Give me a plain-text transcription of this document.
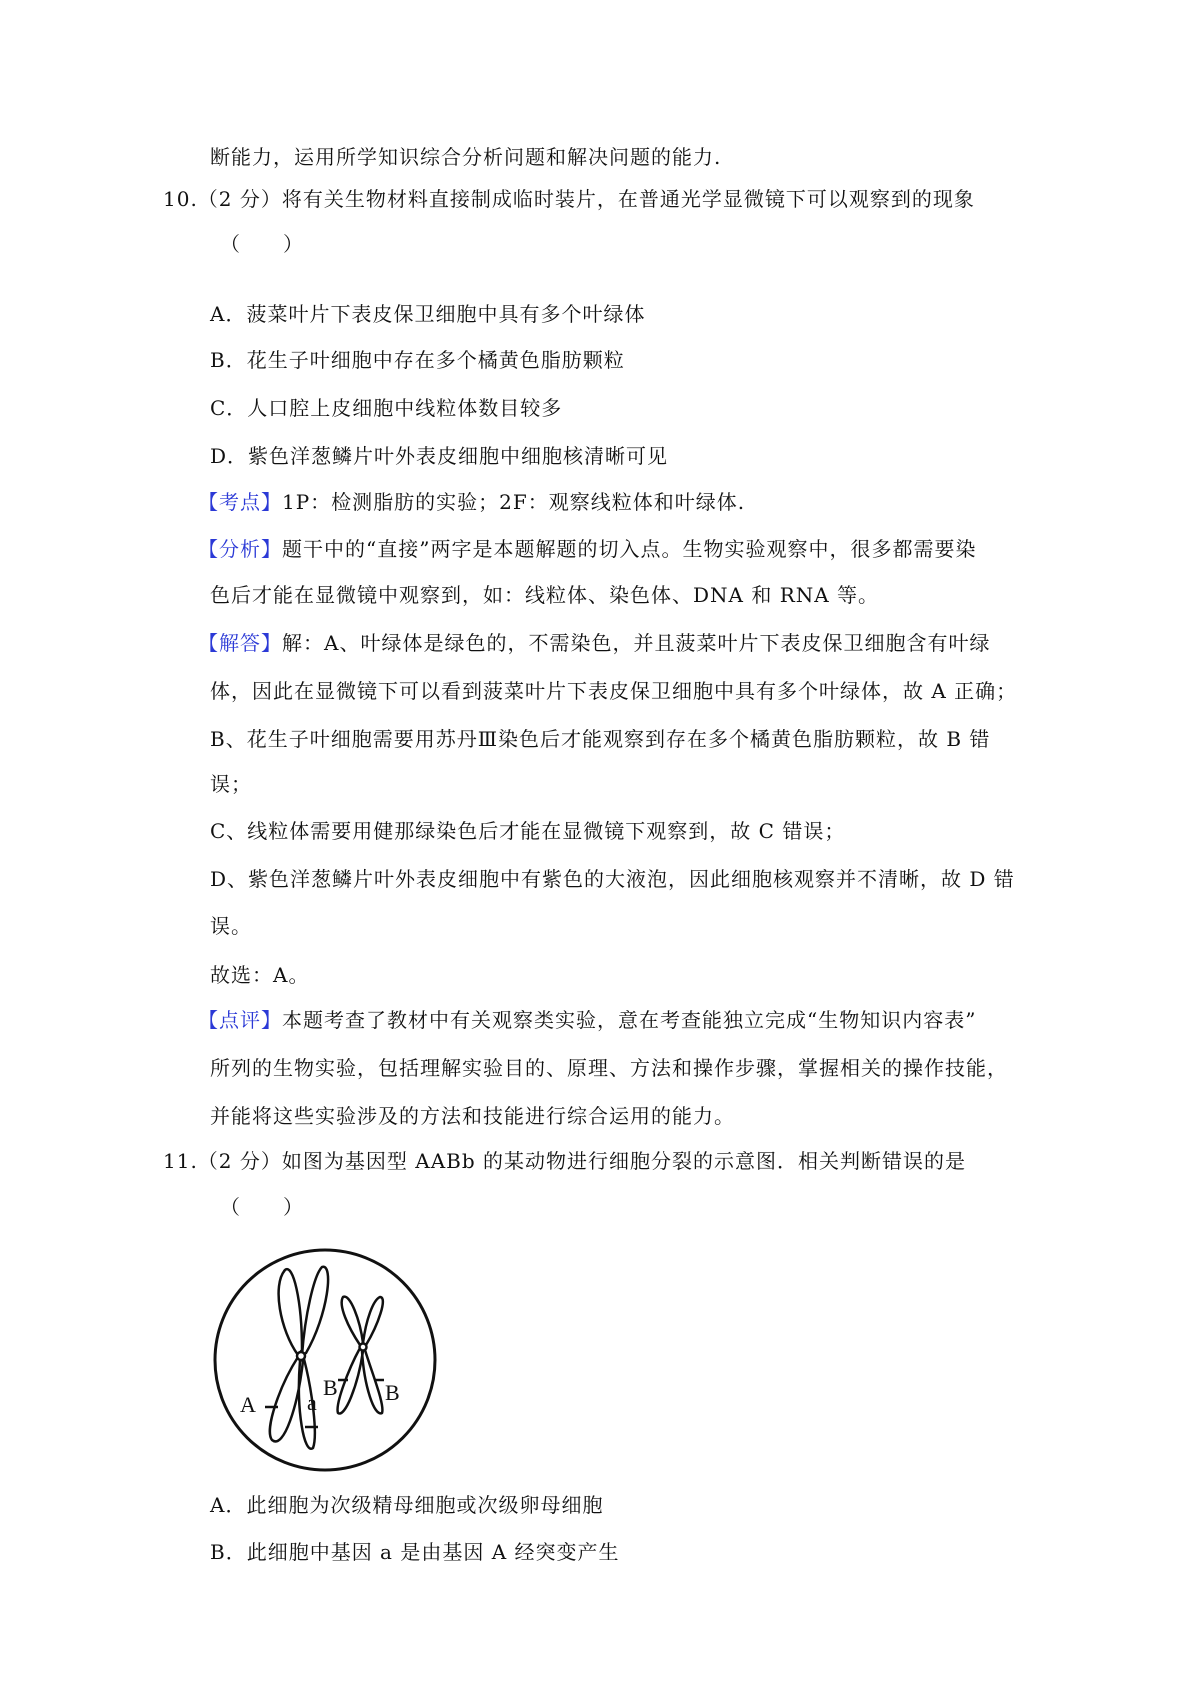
断能力，运用所学知识综合分析问题和解决问题的能力.
10.（2 分）将有关生物材料直接制成临时装片，在普通光学显微镜下可以观察到的现象
（　　）
A．菠菜叶片下表皮保卫细胞中具有多个叶绿体
B．花生子叶细胞中存在多个橘黄色脂肪颗粒
C．人口腔上皮细胞中线粒体数目较多
D．紫色洋葱鳞片叶外表皮细胞中细胞核清晰可见
【考点】1P：检测脂肪的实验；2F：观察线粒体和叶绿体.
【分析】题干中的“直接”两字是本题解题的切入点。生物实验观察中，很多都需要染
色后才能在显微镜中观察到，如：线粒体、染色体、DNA 和 RNA 等。
【解答】解：A、叶绿体是绿色的，不需染色，并且菠菜叶片下表皮保卫细胞含有叶绿
体，因此在显微镜下可以看到菠菜叶片下表皮保卫细胞中具有多个叶绿体，故 A 正确；
B、花生子叶细胞需要用苏丹Ⅲ染色后才能观察到存在多个橘黄色脂肪颗粒，故 B 错
误；
C、线粒体需要用健那绿染色后才能在显微镜下观察到，故 C 错误；
D、紫色洋葱鳞片叶外表皮细胞中有紫色的大液泡，因此细胞核观察并不清晰，故 D 错
误。
故选：A。
【点评】本题考查了教材中有关观察类实验，意在考查能独立完成“生物知识内容表”
所列的生物实验，包括理解实验目的、原理、方法和操作步骤，掌握相关的操作技能，
并能将这些实验涉及的方法和技能进行综合运用的能力。
11.（2 分）如图为基因型 AABb 的某动物进行细胞分裂的示意图．相关判断错误的是
（　　）
A a
B B
A．此细胞为次级精母细胞或次级卵母细胞
B．此细胞中基因 a 是由基因 A 经突变产生
